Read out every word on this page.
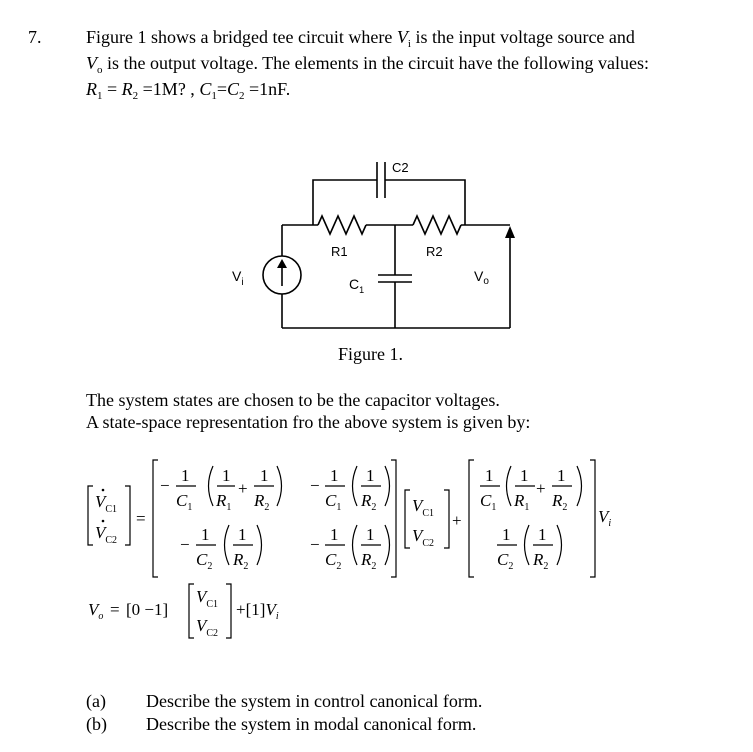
7. Figure 1 shows a bridged tee circuit where $V_i$ is the input voltage source and
$V_o$ is the output voltage. The elements in the circuit have the following values:
$R_1 = R_2 =1M$? , $C_1=C_2 =1nF$.
C2
R1	R2
$C_1$
$V_i$	$V_o$
Figure 1.
The system states are chosen to be the capacitor voltages.
A state-space representation fro the above system is given by:
$V_{C1}$
$V_{C2}$
=
−
1
$C_1$
1
$R_1$
+
1
$R_2$
−
1
$C_1$
1
$R_2$
−
1
$C_2$
1
$R_2$
−
1
$C_2$
1
$R_2$
$V_{C1}$
$V_{C2}$
+
1
$C_1$
1
$R_1$
+
1
$R_2$
1
$C_2$
1
$R_2$
$V_i$
$V_o = [0 -1]$
$V_{C1}$
$V_{C2}$
$+[1]V_i$
(a) Describe the system in control canonical form.
(b) Describe the system in modal canonical form.
